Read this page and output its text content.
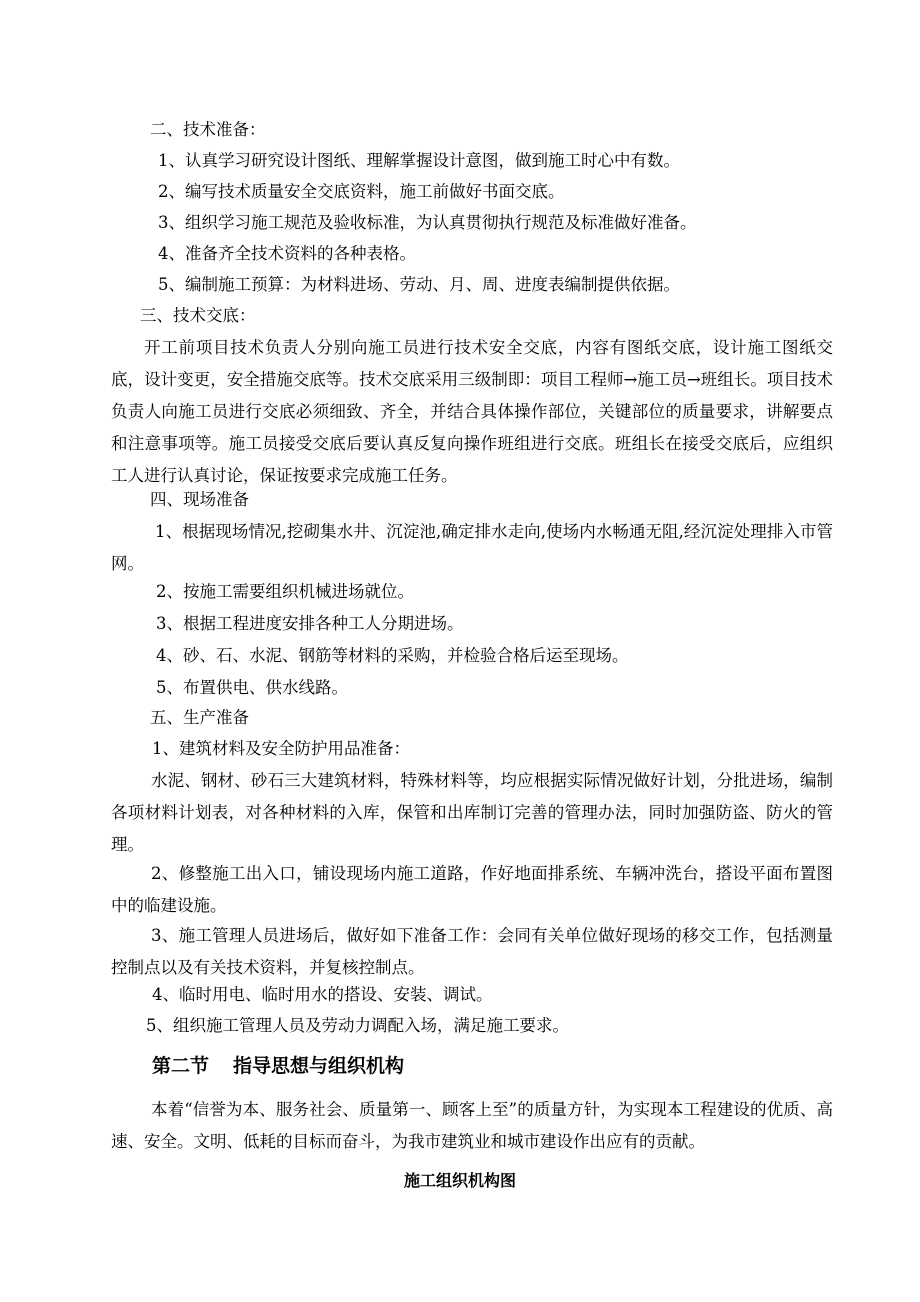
二、技术准备：
1、认真学习研究设计图纸、理解掌握设计意图，做到施工时心中有数。
2、编写技术质量安全交底资料，施工前做好书面交底。
3、组织学习施工规范及验收标准，为认真贯彻执行规范及标准做好准备。
4、准备齐全技术资料的各种表格。
5、编制施工预算：为材料进场、劳动、月、周、进度表编制提供依据。
三、技术交底：
开工前项目技术负责人分别向施工员进行技术安全交底，内容有图纸交底，设计施工图纸交底，设计变更，安全措施交底等。技术交底采用三级制即：项目工程师→施工员→班组长。项目技术负责人向施工员进行交底必须细致、齐全，并结合具体操作部位，关键部位的质量要求，讲解要点和注意事项等。施工员接受交底后要认真反复向操作班组进行交底。班组长在接受交底后，应组织工人进行认真讨论，保证按要求完成施工任务。
四、现场准备
1、根据现场情况,挖砌集水井、沉淀池,确定排水走向,使场内水畅通无阻,经沉淀处理排入市管网。
2、按施工需要组织机械进场就位。
3、根据工程进度安排各种工人分期进场。
4、砂、石、水泥、钢筋等材料的采购，并检验合格后运至现场。
5、布置供电、供水线路。
五、生产准备
1、建筑材料及安全防护用品准备：
水泥、钢材、砂石三大建筑材料，特殊材料等，均应根据实际情况做好计划，分批进场，编制各项材料计划表，对各种材料的入库，保管和出库制订完善的管理办法，同时加强防盗、防火的管理。
2、修整施工出入口，铺设现场内施工道路，作好地面排系统、车辆冲洗台，搭设平面布置图中的临建设施。
3、施工管理人员进场后，做好如下准备工作：会同有关单位做好现场的移交工作，包括测量控制点以及有关技术资料，并复核控制点。
4、临时用电、临时用水的搭设、安装、调试。
5、组织施工管理人员及劳动力调配入场，满足施工要求。
第二节 指导思想与组织机构
本着“信誉为本、服务社会、质量第一、顾客上至”的质量方针，为实现本工程建设的优质、高速、安全。文明、低耗的目标而奋斗，为我市建筑业和城市建设作出应有的贡献。
施工组织机构图
